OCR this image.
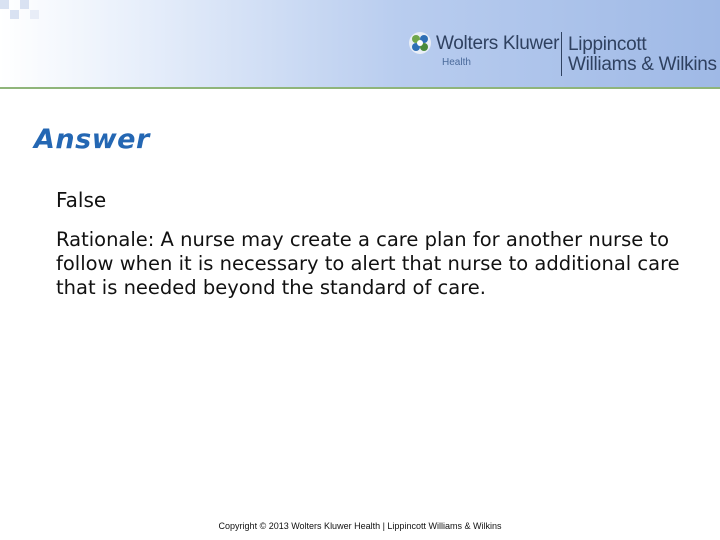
Wolters Kluwer
Health
Lippincott
Williams & Wilkins
Answer

False

Rationale: A nurse may create a care plan for another nurse to follow when it is necessary to alert that nurse to additional care that is needed beyond the standard of care.

Copyright © 2013 Wolters Kluwer Health | Lippincott Williams & Wilkins
